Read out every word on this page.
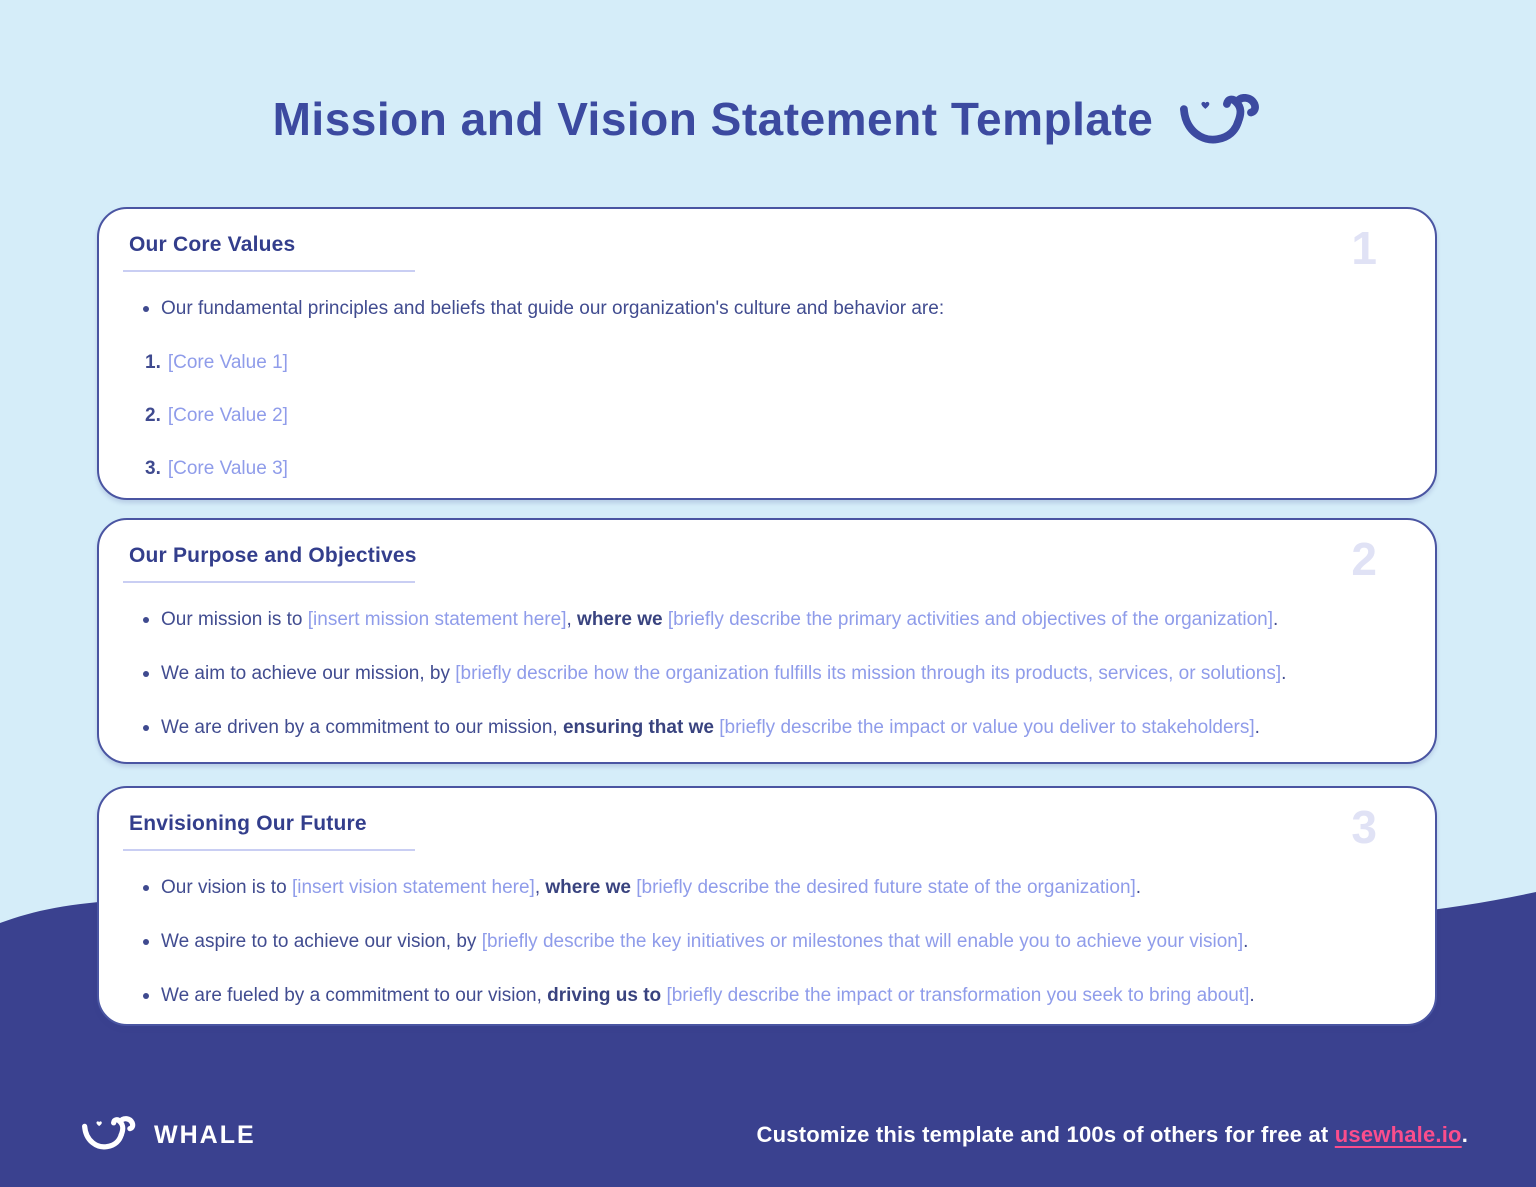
Mission and Vision Statement Template
1
Our Core Values

Our fundamental principles and beliefs that guide our organization's culture and behavior are:

1. [Core Value 1]
2. [Core Value 2]
3. [Core Value 3]
2
Our Purpose and Objectives

Our mission is to [insert mission statement here], where we [briefly describe the primary activities and objectives of the organization].

We aim to achieve our mission, by [briefly describe how the organization fulfills its mission through its products, services, or solutions].

We are driven by a commitment to our mission, ensuring that we [briefly describe the impact or value you deliver to stakeholders].

3
Envisioning Our Future

Our vision is to [insert vision statement here], where we [briefly describe the desired future state of the organization].

We aspire to to achieve our vision, by [briefly describe the key initiatives or milestones that will enable you to achieve your vision].

We are fueled by a commitment to our vision, driving us to [briefly describe the impact or transformation you seek to bring about].

WHALE	Customize this template and 100s of others for free at usewhale.io.
